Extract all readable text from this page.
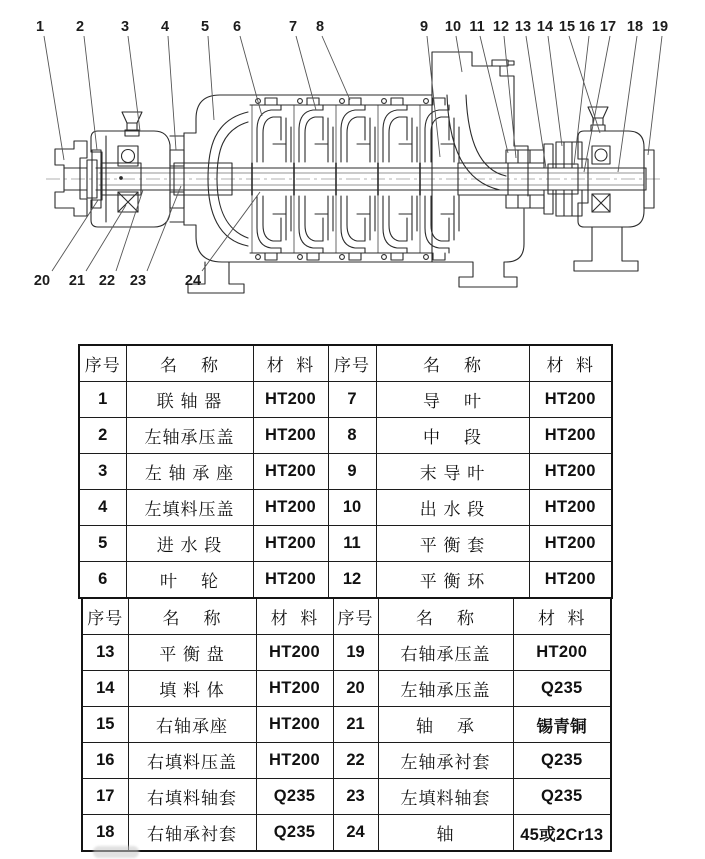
1 2	3 4 5 6	7 8	9 10 11 12 13 14 15 16 17 18 19
20 21 22 23	24
序号	名    称	材  料	序号	名    称	材  料
1	联 轴 器	HT200	7	导    叶	HT200
2	左轴承压盖	HT200	8	中    段	HT200
3	左 轴 承 座	HT200	9	末 导 叶	HT200
4	左填料压盖	HT200	10	出 水 段	HT200
5	进 水 段	HT200	11	平 衡 套	HT200
6	叶    轮	HT200	12	平 衡 环	HT200
序号	名    称	材  料	序号	名    称	材  料
13	平 衡 盘	HT200	19	右轴承压盖	HT200
14	填 料 体	HT200	20	左轴承压盖	Q235
15	右轴承座	HT200	21	轴    承	锡青铜
16	右填料压盖	HT200	22	左轴承衬套	Q235
17	右填料轴套	Q235	23	左填料轴套	Q235
18	右轴承衬套	Q235	24	轴	45或2Cr13
